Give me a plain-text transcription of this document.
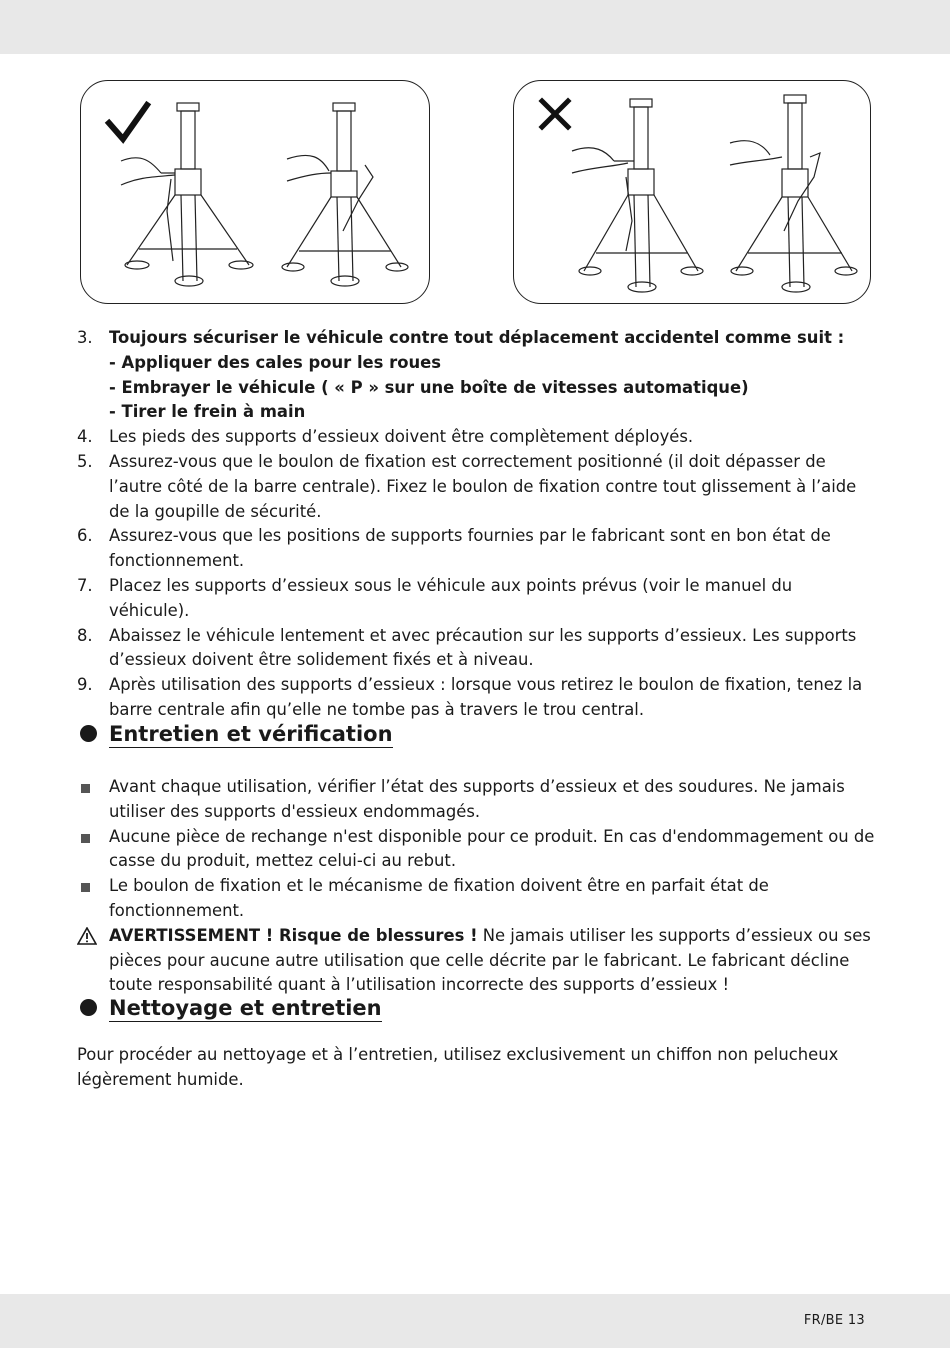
3. Toujours sécuriser le véhicule contre tout déplacement accidentel comme suit :
- Appliquer des cales pour les roues
- Embrayer le véhicule ( « P » sur une boîte de vitesses automatique)
- Tirer le frein à main
4. Les pieds des supports d’essieux doivent être complètement déployés.
5. Assurez-vous que le boulon de fixation est correctement positionné (il doit dépasser de l’autre côté de la barre centrale). Fixez le boulon de fixation contre tout glissement à l’aide de la goupille de sécurité.
6. Assurez-vous que les positions de supports fournies par le fabricant sont en bon état de fonctionnement.
7. Placez les supports d’essieux sous le véhicule aux points prévus (voir le manuel du véhicule).
8. Abaissez le véhicule lentement et avec précaution sur les supports d’essieux. Les supports d’essieux doivent être solidement fixés et à niveau.
9. Après utilisation des supports d’essieux : lorsque vous retirez le boulon de fixation, tenez la barre centrale afin qu’elle ne tombe pas à travers le trou central.
Entretien et vérification
Avant chaque utilisation, vérifier l’état des supports d’essieux et des soudures. Ne jamais utiliser des supports d'essieux endommagés.
Aucune pièce de rechange n'est disponible pour ce produit. En cas d'endommagement ou de casse du produit, mettez celui-ci au rebut.
Le boulon de fixation et le mécanisme de fixation doivent être en parfait état de fonctionnement.
AVERTISSEMENT ! Risque de blessures ! Ne jamais utiliser les supports d’essieux ou ses pièces pour aucune autre utilisation que celle décrite par le fabricant. Le fabricant décline toute responsabilité quant à l’utilisation incorrecte des supports d’essieux !
Nettoyage et entretien
Pour procéder au nettoyage et à l’entretien, utilisez exclusivement un chiffon non pelucheux légèrement humide.
FR/BE 13
